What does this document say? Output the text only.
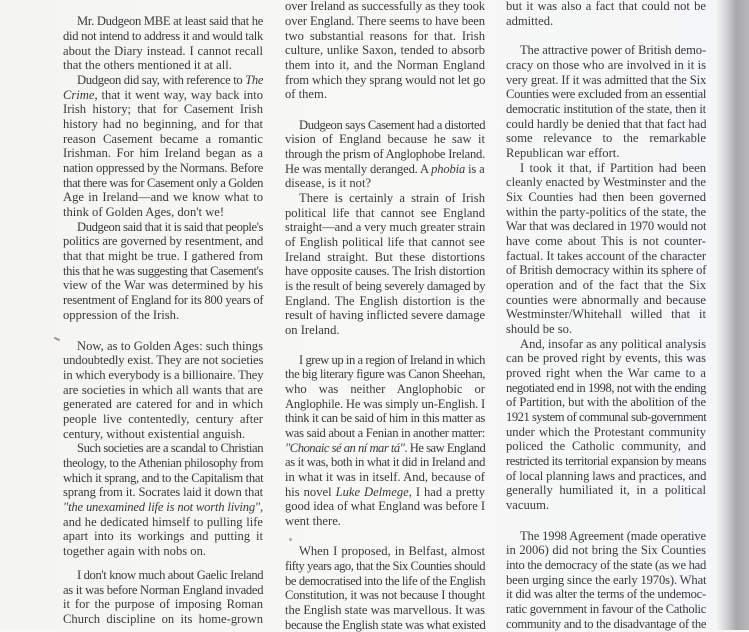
Mr. Dudgeon MBE at least said that he
did not intend to address it and would talk
about the Diary instead. I cannot recall
that the others mentioned it at all.
Dudgeon did say, with reference to The
Crime, that it went way, way back into
Irish history; that for Casement Irish
history had no beginning, and for that
reason Casement became a romantic
Irishman. For him Ireland began as a
nation oppressed by the Normans. Before
that there was for Casement only a Golden
Age in Ireland—and we know what to
think of Golden Ages, don't we!
Dudgeon said that it is said that people's
politics are governed by resentment, and
that that might be true. I gathered from
this that he was suggesting that Casement's
view of the War was determined by his
resentment of England for its 800 years of
oppression of the Irish.
Now, as to Golden Ages: such things
undoubtedly exist. They are not societies
in which everybody is a billionaire. They
are societies in which all wants that are
generated are catered for and in which
people live contentedly, century after
century, without existential anguish.
Such societies are a scandal to Christian
theology, to the Athenian philosophy from
which it sprang, and to the Capitalism that
sprang from it. Socrates laid it down that
"the unexamined life is not worth living",
and he dedicated himself to pulling life
apart into its workings and putting it
together again with nobs on.
I don't know much about Gaelic Ireland
as it was before Norman England invaded
it for the purpose of imposing Roman
Church discipline on its home-grown
over Ireland as successfully as they took
over England. There seems to have been
two substantial reasons for that. Irish
culture, unlike Saxon, tended to absorb
them into it, and the Norman England
from which they sprang would not let go
of them.
Dudgeon says Casement had a distorted
vision of England because he saw it
through the prism of Anglophobe Ireland.
He was mentally deranged. A phobia is a
disease, is it not?
There is certainly a strain of Irish
political life that cannot see England
straight—and a very much greater strain
of English political life that cannot see
Ireland straight. But these distortions
have opposite causes. The Irish distortion
is the result of being severely damaged by
England. The English distortion is the
result of having inflicted severe damage
on Ireland.
I grew up in a region of Ireland in which
the big literary figure was Canon Sheehan,
who was neither Anglophobic or
Anglophile. He was simply un-English. I
think it can be said of him in this matter as
was said about a Fenian in another matter:
"Chonaic sé an ní mar tá". He saw England
as it was, both in what it did in Ireland and
in what it was in itself. And, because of
his novel Luke Delmege, I had a pretty
good idea of what England was before I
went there.
When I proposed, in Belfast, almost
fifty years ago, that the Six Counties should
be democratised into the life of the English
Constitution, it was not because I thought
the English state was marvellous. It was
because the English state was what existed
but it was also a fact that could not be
admitted.
The attractive power of British demo-
cracy on those who are involved in it is
very great. If it was admitted that the Six
Counties were excluded from an essential
democratic institution of the state, then it
could hardly be denied that that fact had
some relevance to the remarkable
Republican war effort.
I took it that, if Partition had been
cleanly enacted by Westminster and the
Six Counties had then been governed
within the party-politics of the state, the
War that was declared in 1970 would not
have come about This is not counter-
factual. It takes account of the character
of British democracy within its sphere of
operation and of the fact that the Six
counties were abnormally and because
Westminster/Whitehall willed that it
should be so.
And, insofar as any political analysis
can be proved right by events, this was
proved right when the War came to a
negotiated end in 1998, not with the ending
of Partition, but with the abolition of the
1921 system of communal sub-government
under which the Protestant community
policed the Catholic community, and
restricted its territorial expansion by means
of local planning laws and practices, and
generally humiliated it, in a political
vacuum.
The 1998 Agreement (made operative
in 2006) did not bring the Six Counties
into the democracy of the state (as we had
been urging since the early 1970s). What
it did was alter the terms of the undemoc-
ratic government in favour of the Catholic
community and to the disadvantage of the
